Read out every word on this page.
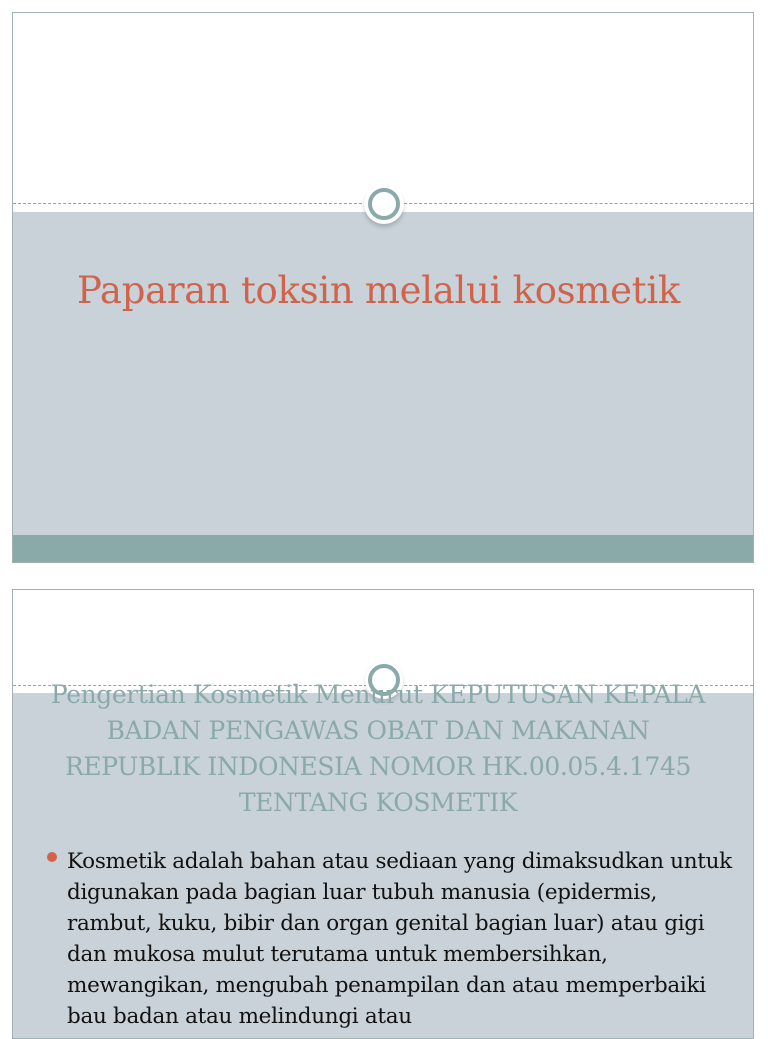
Paparan toksin melalui kosmetik
Pengertian Kosmetik Menurut KEPUTUSAN KEPALA BADAN PENGAWAS OBAT DAN MAKANAN REPUBLIK INDONESIA NOMOR HK.00.05.4.1745 TENTANG KOSMETIK

Kosmetik adalah bahan atau sediaan yang dimaksudkan untuk digunakan pada bagian luar tubuh manusia (epidermis, rambut, kuku, bibir dan organ genital bagian luar) atau gigi dan mukosa mulut terutama untuk membersihkan, mewangikan, mengubah penampilan dan atau memperbaiki bau badan atau melindungi atau
